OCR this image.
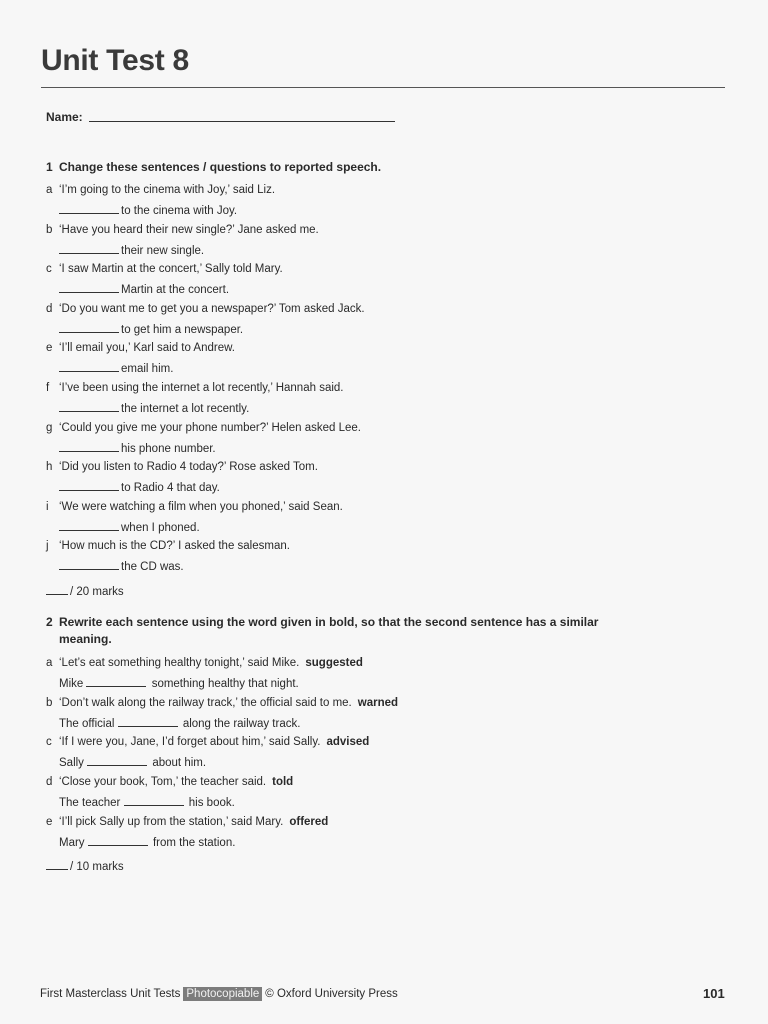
Unit Test 8
Name:
1 Change these sentences / questions to reported speech.
a ‘I’m going to the cinema with Joy,’ said Liz.
to the cinema with Joy.
b ‘Have you heard their new single?’ Jane asked me.
their new single.
c ‘I saw Martin at the concert,’ Sally told Mary.
Martin at the concert.
d ‘Do you want me to get you a newspaper?’ Tom asked Jack.
to get him a newspaper.
e ‘I’ll email you,’ Karl said to Andrew.
email him.
f ‘I’ve been using the internet a lot recently,’ Hannah said.
the internet a lot recently.
g ‘Could you give me your phone number?’ Helen asked Lee.
his phone number.
h ‘Did you listen to Radio 4 today?’ Rose asked Tom.
to Radio 4 that day.
i ‘We were watching a film when you phoned,’ said Sean.
when I phoned.
j ‘How much is the CD?’ I asked the salesman.
the CD was.
/ 20 marks
2 Rewrite each sentence using the word given in bold, so that the second sentence has a similar
meaning.
a ‘Let’s eat something healthy tonight,’ said Mike. suggested
Mike	something healthy that night.
b ‘Don’t walk along the railway track,’ the official said to me. warned
The official	along the railway track.
c ‘If I were you, Jane, I’d forget about him,’ said Sally. advised
Sally	about him.
d ‘Close your book, Tom,’ the teacher said. told
The teacher	his book.
e ‘I’ll pick Sally up from the station,’ said Mary. offered
Mary	from the station.
/ 10 marks
First Masterclass Unit Tests Photocopiable © Oxford University Press	101
